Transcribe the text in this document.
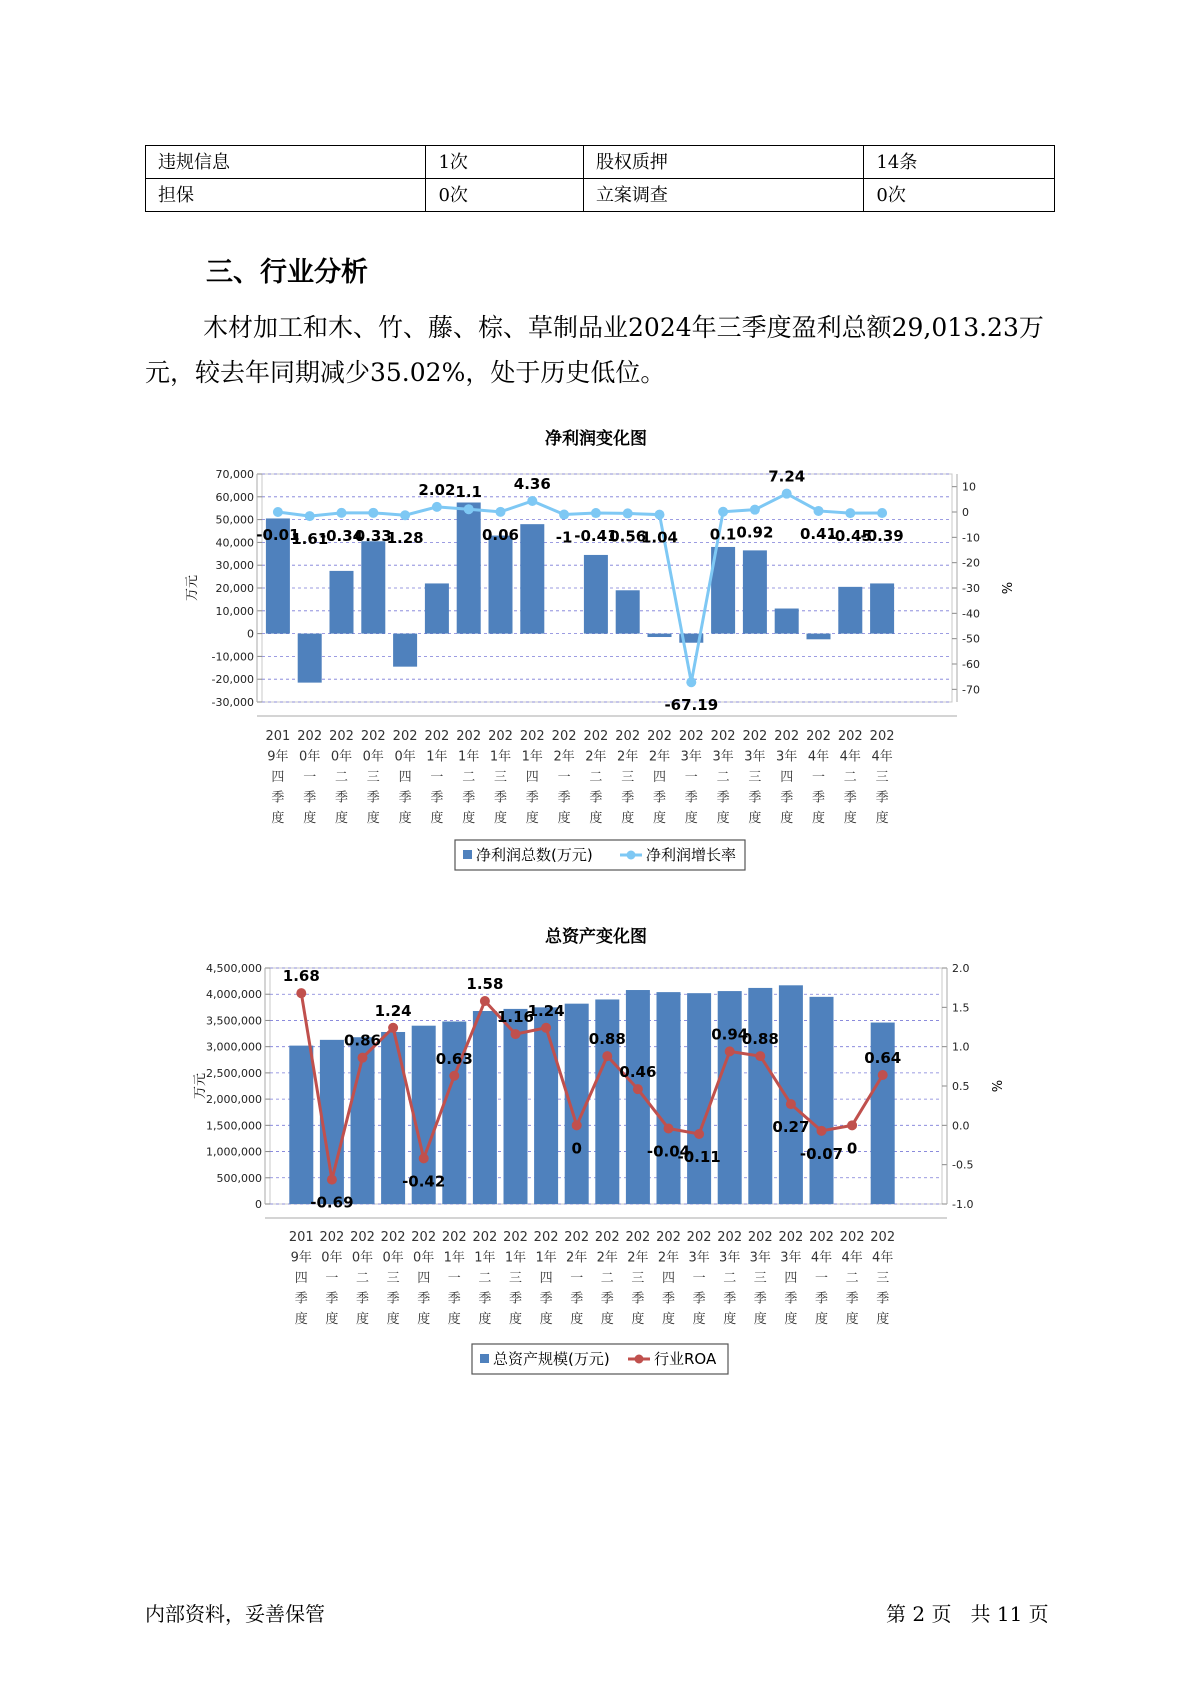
违规信息	1次	股权质押	14条
担保	0次	立案调查	0次
三、行业分析

木材加工和木、竹、藤、棕、草制品业2024年三季度盈利总额29,013.23万元，较去年同期减少35.02%，处于历史低位。

净利润变化图
70,000
60,000
50,000
40,000
30,000
20,000
10,000
0
-10,000
-20,000
-30,000
10
0
-10
-20
-30
-40
-50
-60
-70
万元	%
-0.01
1.61
-0.34
0.33
1.28
2.02 1.1
0.06
4.36
-1 -0.41
0.56
1.04
-67.19
0.1 0.92
7.24
0.41
-0.45
-0.39
201
9年
四
季
度
202
0年
一
季
度
202
0年
二
季
度
202
0年
三
季
度
202
0年
四
季
度
202
1年
一
季
度
202
1年
二
季
度
202
1年
三
季
度
202
1年
四
季
度
202
2年
一
季
度
202
2年
二
季
度
202
2年
三
季
度
202
2年
四
季
度
202
3年
一
季
度
202
3年
二
季
度
202
3年
三
季
度
202
3年
四
季
度
202
4年
一
季
度
202
4年
二
季
度
202
4年
三
季
度
净利润总数(万元)	净利润增长率
总资产变化图
4,500,000
4,000,000
3,500,000
3,000,000
2,500,000
2,000,000
1,500,000
1,000,000
500,000
0
2.0
1.5
1.0
0.5
0.0
-0.5
-1.0
万元	%
1.68
-0.69
0.86
1.24
-0.42
0.63
1.58
1.16
1.24
0
0.88
0.46
-0.04
-0.11
0.94
0.88
0.27
-0.07 0
0.64
201
9年
四
季
度
202
0年
一
季
度
202
0年
二
季
度
202
0年
三
季
度
202
0年
四
季
度
202
1年
一
季
度
202
1年
二
季
度
202
1年
三
季
度
202
1年
四
季
度
202
2年
一
季
度
202
2年
二
季
度
202
2年
三
季
度
202
2年
四
季
度
202
3年
一
季
度
202
3年
二
季
度
202
3年
三
季
度
202
3年
四
季
度
202
4年
一
季
度
202
4年
二
季
度
202
4年
三
季
度
总资产规模(万元)	行业ROA
内部资料，妥善保管	第 2 页   共 11 页
